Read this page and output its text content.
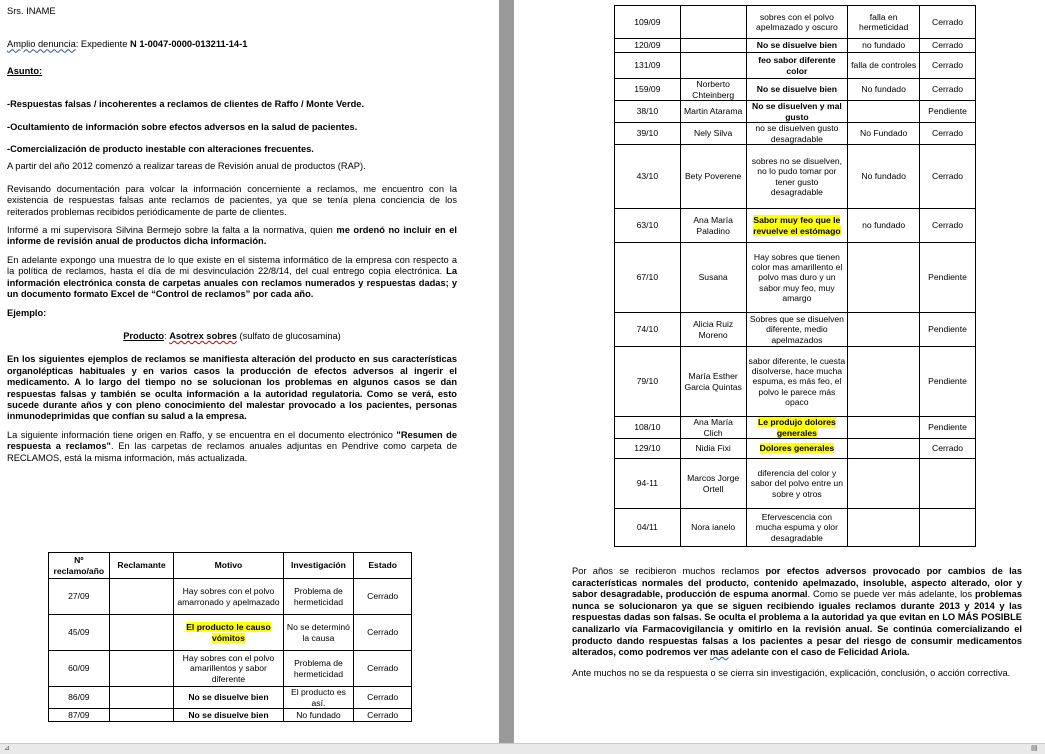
Srs. INAME

Amplio denuncia: Expediente N 1-0047-0000-013211-14-1

Asunto:

-Respuestas falsas / incoherentes a reclamos de clientes de Raffo / Monte Verde.

-Ocultamiento de información sobre efectos adversos en la salud de pacientes.

-Comercialización de producto inestable con alteraciones frecuentes.

A partir del año 2012 comenzó a realizar tareas de Revisión anual de productos (RAP).

Revisando documentación para volcar la información concerniente a reclamos, me encuentro con la existencia de respuestas falsas ante reclamos de pacientes, ya que se tenía plena conciencia de los reiterados problemas recibidos periódicamente de parte de clientes.

Informé a mi supervisora Silvina Bermejo sobre la falta a la normativa, quien me ordenó no incluir en el informe de revisión anual de productos dicha información.

En adelante expongo una muestra de lo que existe en el sistema informático de la empresa con respecto a la política de reclamos, hasta el día de mi desvinculación 22/8/14, del cual entrego copia electrónica. La información electrónica consta de carpetas anuales con reclamos numerados y respuestas dadas; y un documento formato Excel de “Control de reclamos” por cada año.

Ejemplo:

Producto: Asotrex sobres (sulfato de glucosamina)

En los siguientes ejemplos de reclamos se manifiesta alteración del producto en sus características organolépticas habituales y en varios casos la producción de efectos adversos al ingerir el medicamento. A lo largo del tiempo no se solucionan los problemas en algunos casos se dan respuestas falsas y también se oculta información a la autoridad regulatoria. Como se verá, esto sucede durante años y con pleno conocimiento del malestar provocado a los pacientes, personas inmunodeprimidas que confían su salud a la empresa.

La siguiente información tiene origen en Raffo, y se encuentra en el documento electrónico "Resumen de respuesta a reclamos". En las carpetas de reclamos anuales adjuntas en Pendrive como carpeta de RECLAMOS, está la misma información, más actualizada.

Nº reclamo/año	Reclamante	Motivo	Investigación	Estado
27/09		Hay sobres con el polvo amarronado y apelmazado	Problema de hermeticidad	Cerrado
45/09		El producto le causo vómitos	No se determinó la causa	Cerrado
60/09		Hay sobres con el polvo amarillentos y sabor diferente	Problema de hermeticidad	Cerrado
86/09		No se disuelve bien	El producto es así.	Cerrado
87/09		No se disuelve bien	No fundado	Cerrado
109/09		sobres con el polvo apelmazado y oscuro	falla en hermeticidad	Cerrado
120/09		No se disuelve bien	no fundado	Cerrado
131/09		feo sabor diferente color	falla de controles	Cerrado
159/09	Norberto Chteinberg	No se disuelve bien	No fundado	Cerrado
38/10	Martin Atarama	No se disuelven y mal gusto		Pendiente
39/10	Nely Silva	no se disuelven gusto desagradable	No Fundado	Cerrado
43/10	Bety Poverene	sobres no se disuelven, no lo pudo tomar por tener gusto desagradable	No fundado	Cerrado
63/10	Ana María Paladino	Sabor muy feo que le revuelve el estómago	no fundado	Cerrado
67/10	Susana	Hay sobres que tienen color mas amarillento el polvo mas duro y un sabor muy feo, muy amargo		Pendiente
74/10	Alicia Ruiz Moreno	Sobres que se disuelven diferente, medio apelmazados		Pendiente
79/10	María Esther Garcia Quintas	sabor diferente, le cuesta disolverse, hace mucha espuma, es más feo, el polvo le parece más opaco		Pendiente
108/10	Ana María Clich	Le produjo dolores generales		Pendiente
129/10	Nidia Fixi	Dolores generales		Cerrado
94-11	Marcos Jorge Ortell	diferencia del color y sabor del polvo entre un sobre y otros		
04/11	Nora ianelo	Efervescencia con mucha espuma y olor desagradable		

Por años se recibieron muchos reclamos por efectos adversos provocado por cambios de las características normales del producto, contenido apelmazado, insoluble, aspecto alterado, olor y sabor desagradable, producción de espuma anormal. Como se puede ver más adelante, los problemas nunca se solucionaron ya que se siguen recibiendo iguales reclamos durante 2013 y 2014 y las respuestas dadas son falsas. Se oculta el problema a la autoridad ya que evitan en LO MÁS POSIBLE canalizarlo vía Farmacovigilancia y omitirlo en la revisión anual. Se continúa comercializando el producto dando respuestas falsas a los pacientes a pesar del riesgo de consumir medicamentos alterados, como podremos ver mas adelante con el caso de Felicidad Ariola.

Ante muchos no se da respuesta o se cierra sin investigación, explicación, conclusión, o acción correctiva.

⊿	▤
